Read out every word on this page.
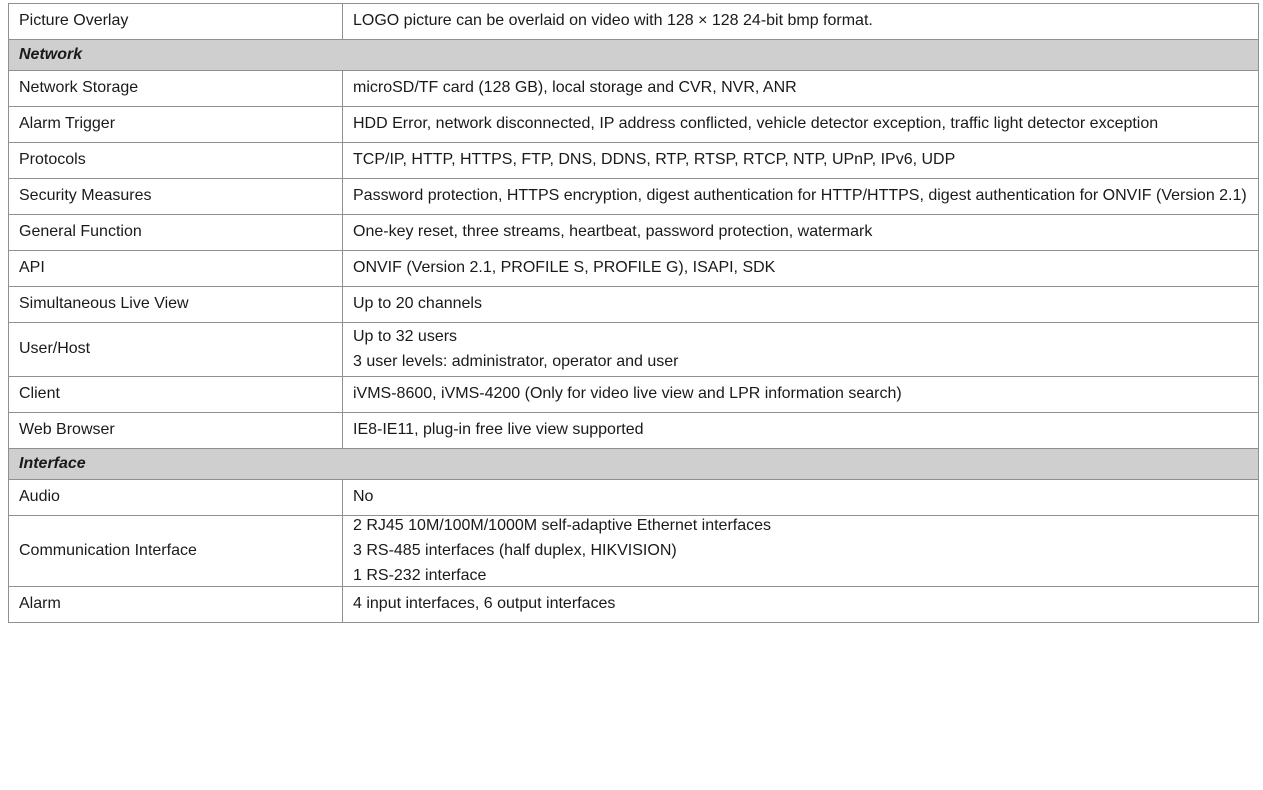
Picture Overlay	LOGO picture can be overlaid on video with 128 × 128 24-bit bmp format.

Network	
Network Storage	microSD/TF card (128 GB), local storage and CVR, NVR, ANR

Alarm Trigger	HDD Error, network disconnected, IP address conflicted, vehicle detector exception, traffic light detector exception

Protocols	TCP/IP, HTTP, HTTPS, FTP, DNS, DDNS, RTP, RTSP, RTCP, NTP, UPnP, IPv6, UDP

Security Measures	Password protection, HTTPS encryption, digest authentication for HTTP/HTTPS, digest authentication for ONVIF (Version 2.1)

General Function	One-key reset, three streams, heartbeat, password protection, watermark

API	ONVIF (Version 2.1, PROFILE S, PROFILE G), ISAPI, SDK

Simultaneous Live View	Up to 20 channels

User/Host	Up to 32 users
3 user levels: administrator, operator and user

Client	iVMS-8600, iVMS-4200 (Only for video live view and LPR information search)

Web Browser	IE8-IE11, plug-in free live view supported

Interface	
Audio	No

Communication Interface	2 RJ45 10M/100M/1000M self-adaptive Ethernet interfaces
3 RS-485 interfaces (half duplex, HIKVISION)
1 RS-232 interface

Alarm	4 input interfaces, 6 output interfaces
